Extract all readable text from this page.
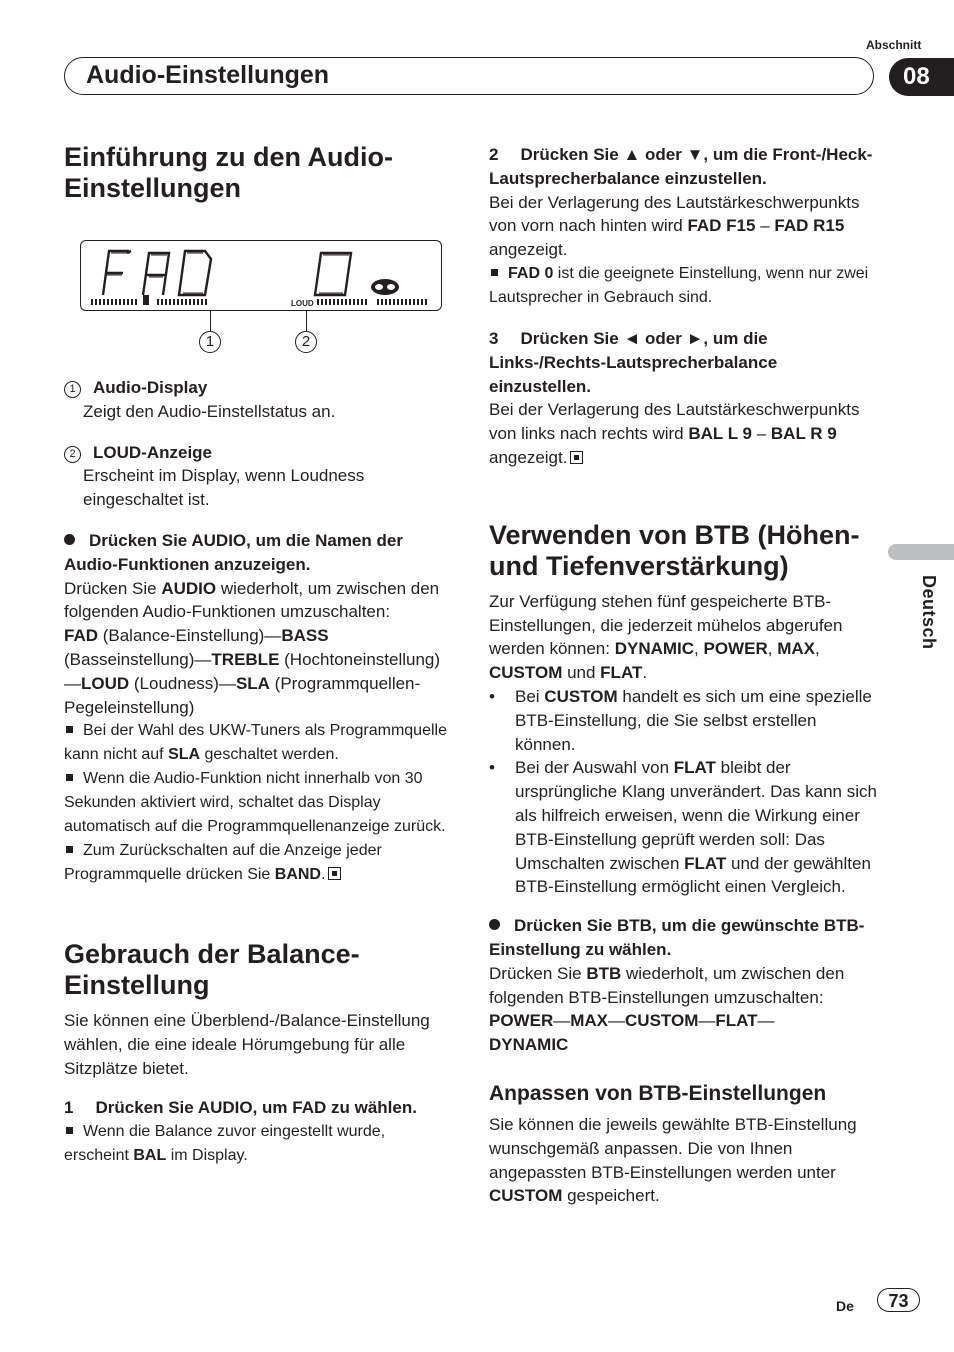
Abschnitt
Audio-Einstellungen	08
Deutsch
Einführung zu den Audio-Einstellungen
LOUD
1	2

1 Audio-Display

Zeigt den Audio-Einstellstatus an.

2 LOUD-Anzeige

Erscheint im Display, wenn Loudness eingeschaltet ist.

Drücken Sie AUDIO, um die Namen der Audio-Funktionen anzuzeigen.

Drücken Sie AUDIO wiederholt, um zwischen den folgenden Audio-Funktionen umzuschalten:

FAD (Balance-Einstellung)—BASS (Basseinstellung)—TREBLE (Hochtoneinstellung) —LOUD (Loudness)—SLA (Programmquellen-Pegeleinstellung)

Bei der Wahl des UKW-Tuners als Programmquelle kann nicht auf SLA geschaltet werden.

Wenn die Audio-Funktion nicht innerhalb von 30 Sekunden aktiviert wird, schaltet das Display automatisch auf die Programmquellenanzeige zurück.

Zum Zurückschalten auf die Anzeige jeder Programmquelle drücken Sie BAND.

Gebrauch der Balance-Einstellung

Sie können eine Überblend-/Balance-Einstellung wählen, die eine ideale Hörumgebung für alle Sitzplätze bietet.

1 Drücken Sie AUDIO, um FAD zu wählen.

Wenn die Balance zuvor eingestellt wurde, erscheint BAL im Display.

2 Drücken Sie ▲ oder ▼, um die Front-/Heck-Lautsprecherbalance einzustellen.

Bei der Verlagerung des Lautstärkeschwerpunkts von vorn nach hinten wird FAD F15 – FAD R15 angezeigt.

FAD 0 ist die geeignete Einstellung, wenn nur zwei Lautsprecher in Gebrauch sind.

3 Drücken Sie ◄ oder ►, um die Links-/Rechts-Lautsprecherbalance einzustellen.

Bei der Verlagerung des Lautstärkeschwerpunkts von links nach rechts wird BAL L 9 – BAL R 9 angezeigt.

Verwenden von BTB (Höhen- und Tiefenverstärkung)

Zur Verfügung stehen fünf gespeicherte BTB-Einstellungen, die jederzeit mühelos abgerufen werden können: DYNAMIC, POWER, MAX, CUSTOM und FLAT.

•	Bei CUSTOM handelt es sich um eine spezielle BTB-Einstellung, die Sie selbst erstellen können.

•	Bei der Auswahl von FLAT bleibt der ursprüngliche Klang unverändert. Das kann sich als hilfreich erweisen, wenn die Wirkung einer BTB-Einstellung geprüft werden soll: Das Umschalten zwischen FLAT und der gewählten BTB-Einstellung ermöglicht einen Vergleich.

Drücken Sie BTB, um die gewünschte BTB-Einstellung zu wählen.

Drücken Sie BTB wiederholt, um zwischen den folgenden BTB-Einstellungen umzuschalten:

POWER—MAX—CUSTOM—FLAT—
DYNAMIC

Anpassen von BTB-Einstellungen

Sie können die jeweils gewählte BTB-Einstellung wunschgemäß anpassen. Die von Ihnen angepassten BTB-Einstellungen werden unter CUSTOM gespeichert.

De	73
